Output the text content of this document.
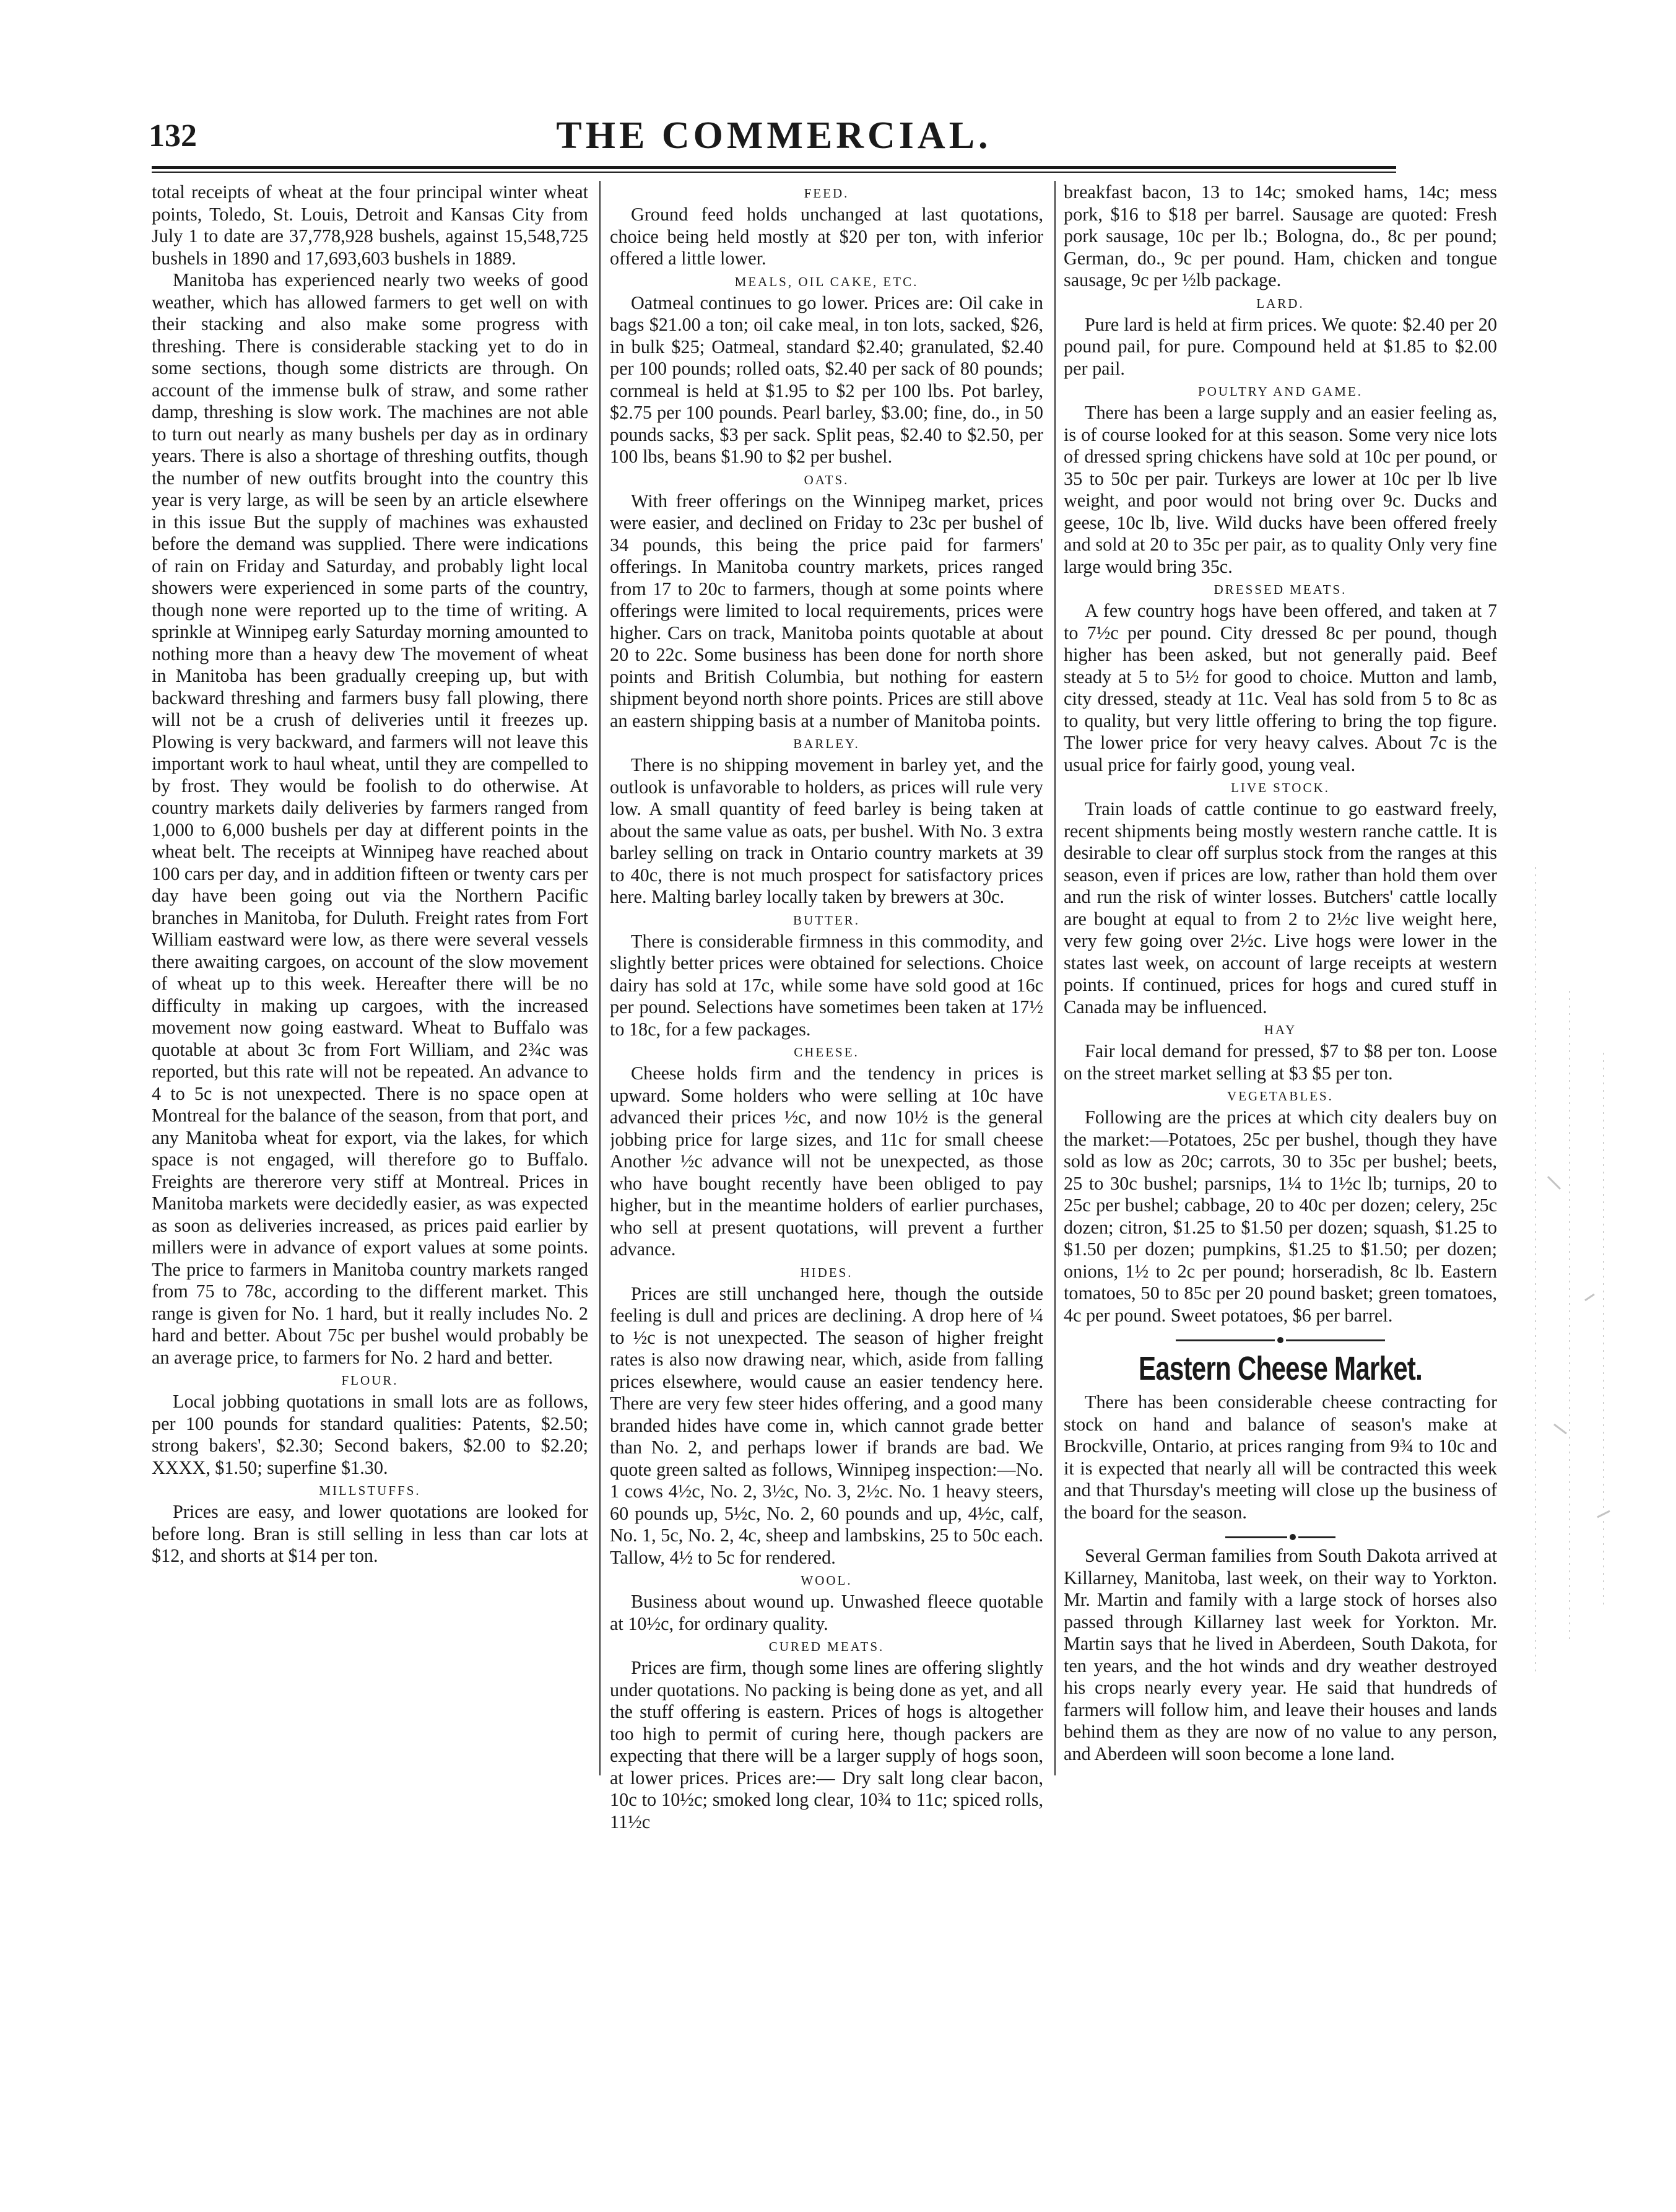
132	THE COMMERCIAL.

total receipts of wheat at the four principal winter wheat points, Toledo, St. Louis, Detroit and Kansas City from July 1 to date are 37,778,928 bushels, against 15,548,725 bushels in 1890 and 17,693,603 bushels in 1889.

Manitoba has experienced nearly two weeks of good weather, which has allowed farmers to get well on with their stacking and also make some progress with threshing. There is considerable stacking yet to do in some sections, though some districts are through. On account of the immense bulk of straw, and some rather damp, threshing is slow work. The machines are not able to turn out nearly as many bushels per day as in ordinary years. There is also a shortage of threshing outfits, though the number of new outfits brought into the country this year is very large, as will be seen by an article elsewhere in this issue But the supply of machines was exhausted before the demand was supplied. There were indications of rain on Friday and Saturday, and probably light local showers were experienced in some parts of the country, though none were reported up to the time of writing. A sprinkle at Winnipeg early Saturday morning amounted to nothing more than a heavy dew The movement of wheat in Manitoba has been gradually creeping up, but with backward threshing and farmers busy fall plowing, there will not be a crush of deliveries until it freezes up. Plowing is very backward, and farmers will not leave this important work to haul wheat, until they are compelled to by frost. They would be foolish to do otherwise. At country markets daily deliveries by farmers ranged from 1,000 to 6,000 bushels per day at different points in the wheat belt. The receipts at Winnipeg have reached about 100 cars per day, and in addition fifteen or twenty cars per day have been going out via the Northern Pacific branches in Manitoba, for Duluth. Freight rates from Fort William eastward were low, as there were several vessels there awaiting cargoes, on account of the slow movement of wheat up to this week. Hereafter there will be no difficulty in making up cargoes, with the increased movement now going eastward. Wheat to Buffalo was quotable at about 3c from Fort William, and 2¾c was reported, but this rate will not be repeated. An advance to 4 to 5c is not unexpected. There is no space open at Montreal for the balance of the season, from that port, and any Manitoba wheat for export, via the lakes, for which space is not engaged, will therefore go to Buffalo. Freights are thererore very stiff at Montreal. Prices in Manitoba markets were decidedly easier, as was expected as soon as deliveries increased, as prices paid earlier by millers were in advance of export values at some points. The price to farmers in Manitoba country markets ranged from 75 to 78c, according to the different market. This range is given for No. 1 hard, but it really includes No. 2 hard and better. About 75c per bushel would probably be an average price, to farmers for No. 2 hard and better.

FLOUR.

Local jobbing quotations in small lots are as follows, per 100 pounds for standard qualities: Patents, $2.50; strong bakers', $2.30; Second bakers, $2.00 to $2.20; XXXX, $1.50; superfine $1.30.

MILLSTUFFS.

Prices are easy, and lower quotations are looked for before long. Bran is still selling in less than car lots at $12, and shorts at $14 per ton.

FEED.

Ground feed holds unchanged at last quotations, choice being held mostly at $20 per ton, with inferior offered a little lower.

MEALS, OIL CAKE, ETC.

Oatmeal continues to go lower. Prices are: Oil cake in bags $21.00 a ton; oil cake meal, in ton lots, sacked, $26, in bulk $25; Oatmeal, standard $2.40; granulated, $2.40 per 100 pounds; rolled oats, $2.40 per sack of 80 pounds; cornmeal is held at $1.95 to $2 per 100 lbs. Pot barley, $2.75 per 100 pounds. Pearl barley, $3.00; fine, do., in 50 pounds sacks, $3 per sack. Split peas, $2.40 to $2.50, per 100 lbs, beans $1.90 to $2 per bushel.

OATS.

With freer offerings on the Winnipeg market, prices were easier, and declined on Friday to 23c per bushel of 34 pounds, this being the price paid for farmers' offerings. In Manitoba country markets, prices ranged from 17 to 20c to farmers, though at some points where offerings were limited to local requirements, prices were higher. Cars on track, Manitoba points quotable at about 20 to 22c. Some business has been done for north shore points and British Columbia, but nothing for eastern shipment beyond north shore points. Prices are still above an eastern shipping basis at a number of Manitoba points.

BARLEY.

There is no shipping movement in barley yet, and the outlook is unfavorable to holders, as prices will rule very low. A small quantity of feed barley is being taken at about the same value as oats, per bushel. With No. 3 extra barley selling on track in Ontario country markets at 39 to 40c, there is not much prospect for satisfactory prices here. Malting barley locally taken by brewers at 30c.

BUTTER.

There is considerable firmness in this commodity, and slightly better prices were obtained for selections. Choice dairy has sold at 17c, while some have sold good at 16c per pound. Selections have sometimes been taken at 17½ to 18c, for a few packages.

CHEESE.

Cheese holds firm and the tendency in prices is upward. Some holders who were selling at 10c have advanced their prices ½c, and now 10½ is the general jobbing price for large sizes, and 11c for small cheese Another ½c advance will not be unexpected, as those who have bought recently have been obliged to pay higher, but in the meantime holders of earlier purchases, who sell at present quotations, will prevent a further advance.

HIDES.

Prices are still unchanged here, though the outside feeling is dull and prices are declining. A drop here of ¼ to ½c is not unexpected. The season of higher freight rates is also now drawing near, which, aside from falling prices elsewhere, would cause an easier tendency here. There are very few steer hides offering, and a good many branded hides have come in, which cannot grade better than No. 2, and perhaps lower if brands are bad. We quote green salted as follows, Winnipeg inspection:—No. 1 cows 4½c, No. 2, 3½c, No. 3, 2½c. No. 1 heavy steers, 60 pounds up, 5½c, No. 2, 60 pounds and up, 4½c, calf, No. 1, 5c, No. 2, 4c, sheep and lambskins, 25 to 50c each. Tallow, 4½ to 5c for rendered.

WOOL.

Business about wound up. Unwashed fleece quotable at 10½c, for ordinary quality.

CURED MEATS.

Prices are firm, though some lines are offering slightly under quotations. No packing is being done as yet, and all the stuff offering is eastern. Prices of hogs is altogether too high to permit of curing here, though packers are expecting that there will be a larger supply of hogs soon, at lower prices. Prices are:— Dry salt long clear bacon, 10c to 10½c; smoked long clear, 10¾ to 11c; spiced rolls, 11½c

breakfast bacon, 13 to 14c; smoked hams, 14c; mess pork, $16 to $18 per barrel. Sausage are quoted: Fresh pork sausage, 10c per lb.; Bologna, do., 8c per pound; German, do., 9c per pound. Ham, chicken and tongue sausage, 9c per ½lb package.

LARD.

Pure lard is held at firm prices. We quote: $2.40 per 20 pound pail, for pure. Compound held at $1.85 to $2.00 per pail.

POULTRY AND GAME.

There has been a large supply and an easier feeling as, is of course looked for at this season. Some very nice lots of dressed spring chickens have sold at 10c per pound, or 35 to 50c per pair. Turkeys are lower at 10c per lb live weight, and poor would not bring over 9c. Ducks and geese, 10c lb, live. Wild ducks have been offered freely and sold at 20 to 35c per pair, as to quality Only very fine large would bring 35c.

DRESSED MEATS.

A few country hogs have been offered, and taken at 7 to 7½c per pound. City dressed 8c per pound, though higher has been asked, but not generally paid. Beef steady at 5 to 5½ for good to choice. Mutton and lamb, city dressed, steady at 11c. Veal has sold from 5 to 8c as to quality, but very little offering to bring the top figure. The lower price for very heavy calves. About 7c is the usual price for fairly good, young veal.

LIVE STOCK.

Train loads of cattle continue to go eastward freely, recent shipments being mostly western ranche cattle. It is desirable to clear off surplus stock from the ranges at this season, even if prices are low, rather than hold them over and run the risk of winter losses. Butchers' cattle locally are bought at equal to from 2 to 2½c live weight here, very few going over 2½c. Live hogs were lower in the states last week, on account of large receipts at western points. If continued, prices for hogs and cured stuff in Canada may be influenced.

HAY

Fair local demand for pressed, $7 to $8 per ton. Loose on the street market selling at $3 $5 per ton.

VEGETABLES.

Following are the prices at which city dealers buy on the market:—Potatoes, 25c per bushel, though they have sold as low as 20c; carrots, 30 to 35c per bushel; beets, 25 to 30c bushel; parsnips, 1¼ to 1½c lb; turnips, 20 to 25c per bushel; cabbage, 20 to 40c per dozen; celery, 25c dozen; citron, $1.25 to $1.50 per dozen; squash, $1.25 to $1.50 per dozen; pumpkins, $1.25 to $1.50; per dozen; onions, 1½ to 2c per pound; horseradish, 8c lb. Eastern tomatoes, 50 to 85c per 20 pound basket; green tomatoes, 4c per pound. Sweet potatoes, $6 per barrel.

Eastern Cheese Market.

There has been considerable cheese contracting for stock on hand and balance of season's make at Brockville, Ontario, at prices ranging from 9¾ to 10c and it is expected that nearly all will be contracted this week and that Thursday's meeting will close up the business of the board for the season.

Several German families from South Dakota arrived at Killarney, Manitoba, last week, on their way to Yorkton. Mr. Martin and family with a large stock of horses also passed through Killarney last week for Yorkton. Mr. Martin says that he lived in Aberdeen, South Dakota, for ten years, and the hot winds and dry weather destroyed his crops nearly every year. He said that hundreds of farmers will follow him, and leave their houses and lands behind them as they are now of no value to any person, and Aberdeen will soon become a lone land.
